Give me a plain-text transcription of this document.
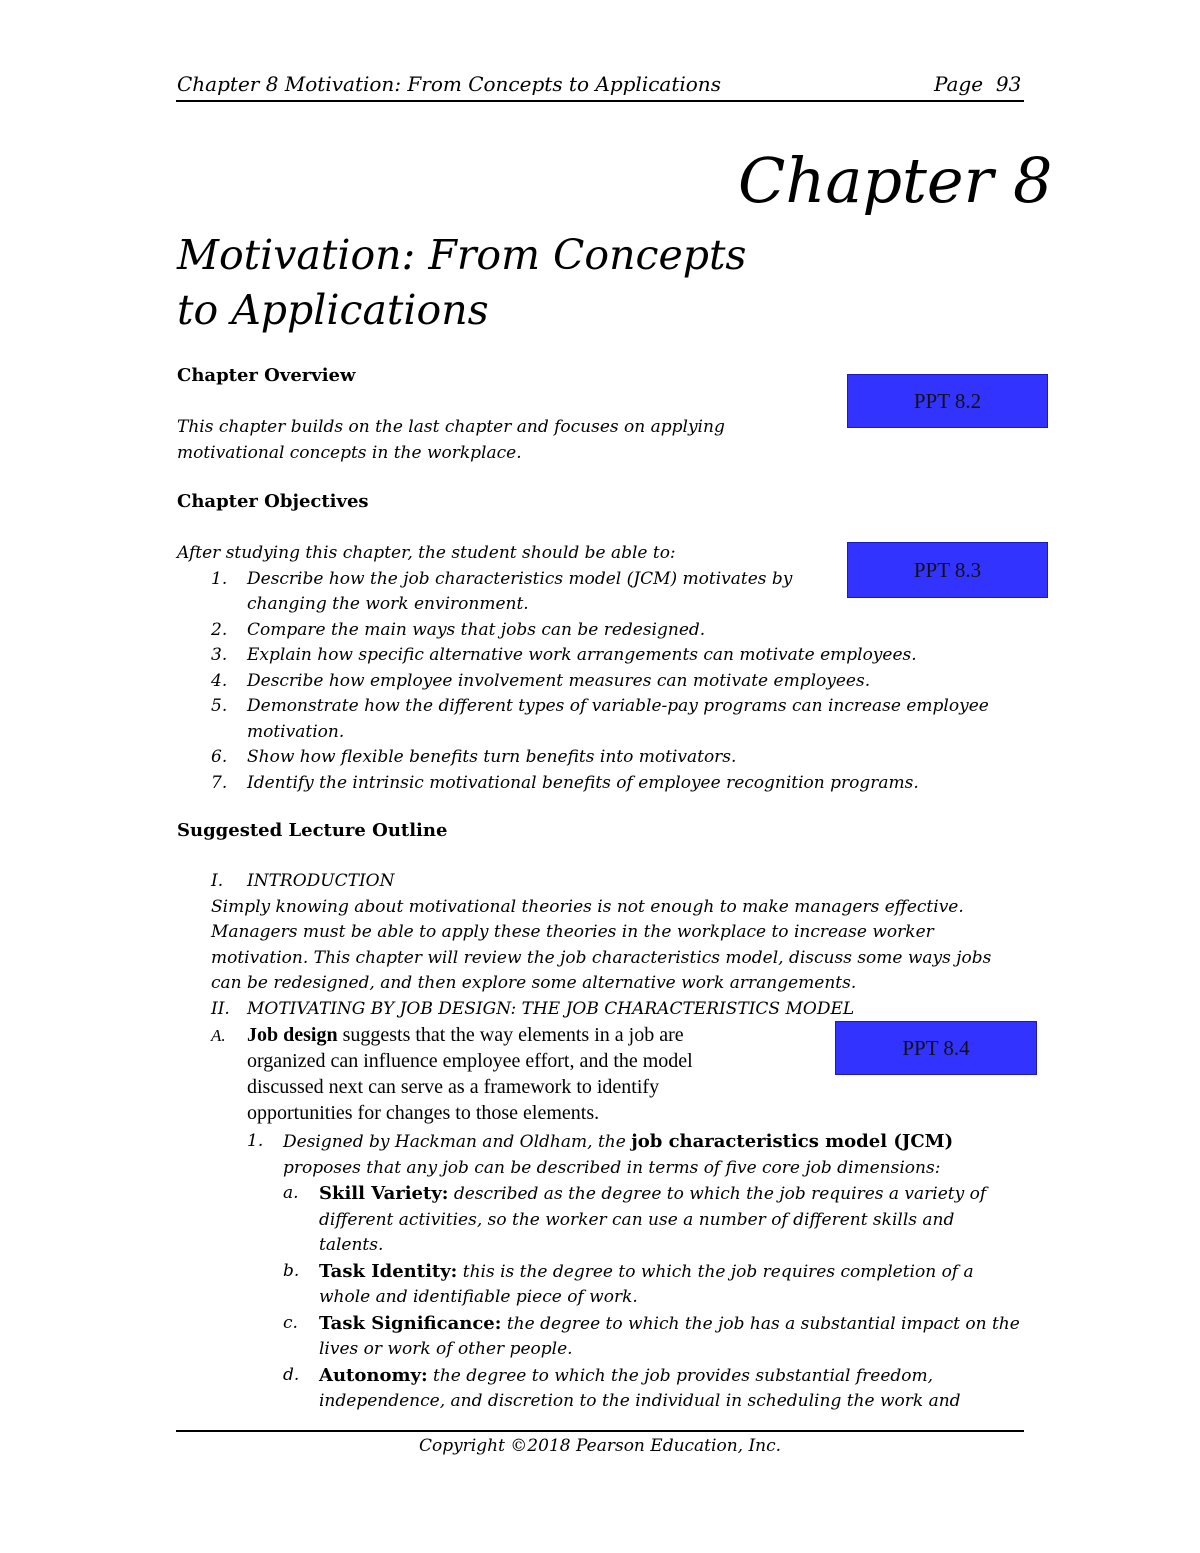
Chapter 8 Motivation: From Concepts to Applications	Page 93
Chapter 8
Motivation: From Concepts
to Applications
PPT 8.2
PPT 8.3
PPT 8.4
Chapter Overview
This chapter builds on the last chapter and focuses on applying
motivational concepts in the workplace.
Chapter Objectives
After studying this chapter, the student should be able to:
1. Describe how the job characteristics model (JCM) motivates by
changing the work environment.
2. Compare the main ways that jobs can be redesigned.
3. Explain how specific alternative work arrangements can motivate employees.
4. Describe how employee involvement measures can motivate employees.
5. Demonstrate how the different types of variable-pay programs can increase employee
motivation.
6. Show how flexible benefits turn benefits into motivators.
7. Identify the intrinsic motivational benefits of employee recognition programs.
Suggested Lecture Outline
I. INTRODUCTION
Simply knowing about motivational theories is not enough to make managers effective.
Managers must be able to apply these theories in the workplace to increase worker
motivation. This chapter will review the job characteristics model, discuss some ways jobs
can be redesigned, and then explore some alternative work arrangements.
II. MOTIVATING BY JOB DESIGN: THE JOB CHARACTERISTICS MODEL
A. Job design suggests that the way elements in a job are
organized can influence employee effort, and the model
discussed next can serve as a framework to identify
opportunities for changes to those elements.
1. Designed by Hackman and Oldham, the job characteristics model (JCM)
proposes that any job can be described in terms of five core job dimensions:
a. Skill Variety: described as the degree to which the job requires a variety of
different activities, so the worker can use a number of different skills and
talents.
b. Task Identity: this is the degree to which the job requires completion of a
whole and identifiable piece of work.
c. Task Significance: the degree to which the job has a substantial impact on the
lives or work of other people.
d. Autonomy: the degree to which the job provides substantial freedom,
independence, and discretion to the individual in scheduling the work and
Copyright ©2018 Pearson Education, Inc.
